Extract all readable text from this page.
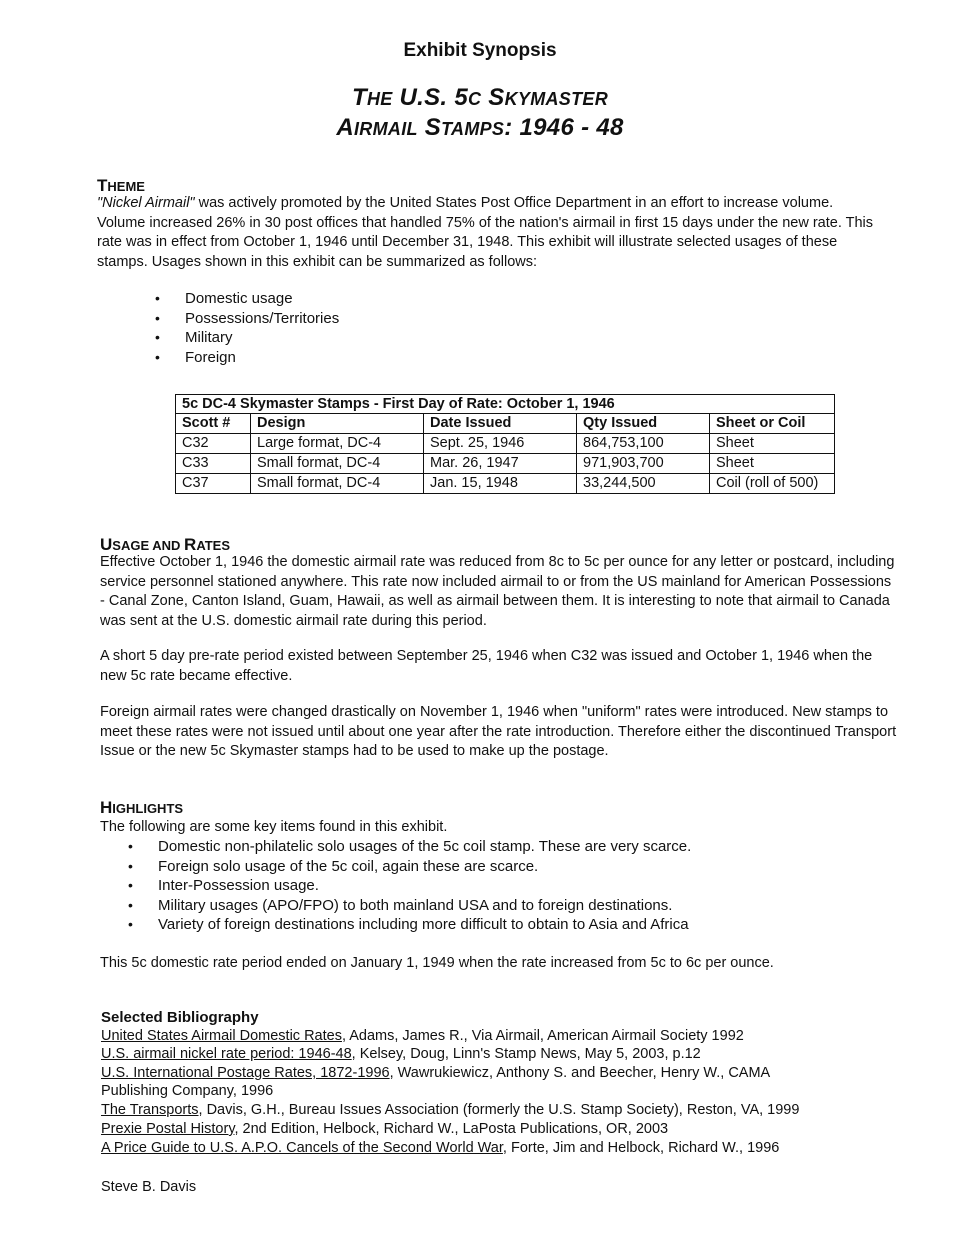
Exhibit Synopsis
THE U.S. 5C SKYMASTER
AIRMAIL STAMPS: 1946 - 48
THEME

"Nickel Airmail" was actively promoted by the United States Post Office Department in an effort to increase volume. Volume increased 26% in 30 post offices that handled 75% of the nation's airmail in first 15 days under the new rate. This rate was in effect from October 1, 1946 until December 31, 1948. This exhibit will illustrate selected usages of these stamps. Usages shown in this exhibit can be summarized as follows:

• Domestic usage
• Possessions/Territories
• Military
• Foreign
5c DC-4 Skymaster Stamps - First Day of Rate: October 1, 1946
Scott #	Design	Date Issued	Qty Issued	Sheet or Coil
C32	Large format, DC-4	Sept. 25, 1946	864,753,100	Sheet
C33	Small format, DC-4	Mar. 26, 1947	971,903,700	Sheet
C37	Small format, DC-4	Jan. 15, 1948	33,244,500	Coil (roll of 500)
USAGE AND RATES

Effective October 1, 1946 the domestic airmail rate was reduced from 8c to 5c per ounce for any letter or postcard, including service personnel stationed anywhere. This rate now included airmail to or from the US mainland for American Possessions - Canal Zone, Canton Island, Guam, Hawaii, as well as airmail between them. It is interesting to note that airmail to Canada was sent at the U.S. domestic airmail rate during this period.

A short 5 day pre-rate period existed between September 25, 1946 when C32 was issued and October 1, 1946 when the new 5c rate became effective.

Foreign airmail rates were changed drastically on November 1, 1946 when "uniform" rates were introduced. New stamps to meet these rates were not issued until about one year after the rate introduction. Therefore either the discontinued Transport Issue or the new 5c Skymaster stamps had to be used to make up the postage.

HIGHLIGHTS

The following are some key items found in this exhibit.

• Domestic non-philatelic solo usages of the 5c coil stamp. These are very scarce.
• Foreign solo usage of the 5c coil, again these are scarce.
• Inter-Possession usage.
• Military usages (APO/FPO) to both mainland USA and to foreign destinations.
• Variety of foreign destinations including more difficult to obtain to Asia and Africa

This 5c domestic rate period ended on January 1, 1949 when the rate increased from 5c to 6c per ounce.

Selected Bibliography
United States Airmail Domestic Rates, Adams, James R., Via Airmail, American Airmail Society 1992
U.S. airmail nickel rate period: 1946-48, Kelsey, Doug, Linn's Stamp News, May 5, 2003, p.12
U.S. International Postage Rates, 1872-1996, Wawrukiewicz, Anthony S. and Beecher, Henry W., CAMA
Publishing Company, 1996
The Transports, Davis, G.H., Bureau Issues Association (formerly the U.S. Stamp Society), Reston, VA, 1999
Prexie Postal History, 2nd Edition, Helbock, Richard W., LaPosta Publications, OR, 2003
A Price Guide to U.S. A.P.O. Cancels of the Second World War, Forte, Jim and Helbock, Richard W., 1996
Steve B. Davis
